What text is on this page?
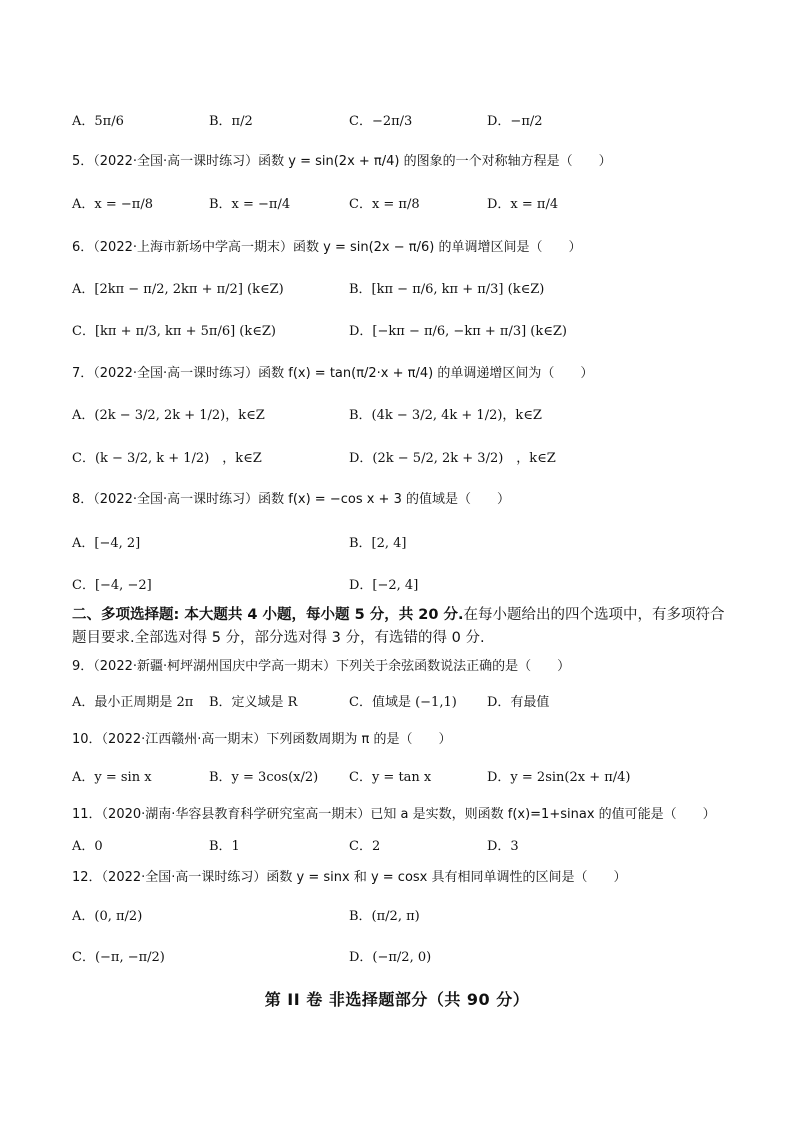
A．5π/6	B．π/2	C．−2π/3	D．−π/2
5．（2022·全国·高一课时练习）函数 y = sin(2x + π/4) 的图象的一个对称轴方程是（　　）
A．x = −π/8	B．x = −π/4	C．x = π/8	D．x = π/4
6．（2022·上海市新场中学高一期末）函数 y = sin(2x − π/6) 的单调增区间是（　　）
A．[2kπ − π/2, 2kπ + π/2] (k∈Z)	B．[kπ − π/6, kπ + π/3] (k∈Z)
C．[kπ + π/3, kπ + 5π/6] (k∈Z)	D．[−kπ − π/6, −kπ + π/3] (k∈Z)
7．（2022·全国·高一课时练习）函数 f(x) = tan(π/2·x + π/4) 的单调递增区间为（　　）
A．(2k − 3/2, 2k + 1/2)，k∈Z	B．(4k − 3/2, 4k + 1/2)，k∈Z
C．(k − 3/2, k + 1/2)　，k∈Z	D．(2k − 5/2, 2k + 3/2)　，k∈Z
8．（2022·全国·高一课时练习）函数 f(x) = −cos x + 3 的值域是（　　）
A．[−4, 2]	B．[2, 4]
C．[−4, −2]	D．[−2, 4]
二、多项选择题: 本大题共 4 小题，每小题 5 分，共 20 分.在每小题给出的四个选项中，有多项符合题目要求.全部选对得 5 分，部分选对得 3 分，有选错的得 0 分.
9．（2022·新疆·柯坪湖州国庆中学高一期末）下列关于余弦函数说法正确的是（　　）
A．最小正周期是 2π B．定义域是 R	C．值域是 (−1,1) D．有最值
10．（2022·江西赣州·高一期末）下列函数周期为 π 的是（　　）
A．y = sin x	B．y = 3cos(x/2) C．y = tan x	D．y = 2sin(2x + π/4)
11．（2020·湖南·华容县教育科学研究室高一期末）已知 a 是实数，则函数 f(x)=1+sinax 的值可能是（　　）
A．0	B．1	C．2	D．3
12．（2022·全国·高一课时练习）函数 y = sinx 和 y = cosx 具有相同单调性的区间是（　　）
A．(0, π/2)	B．(π/2, π)
C．(−π, −π/2)	D．(−π/2, 0)
第 II 卷 非选择题部分（共 90 分）
